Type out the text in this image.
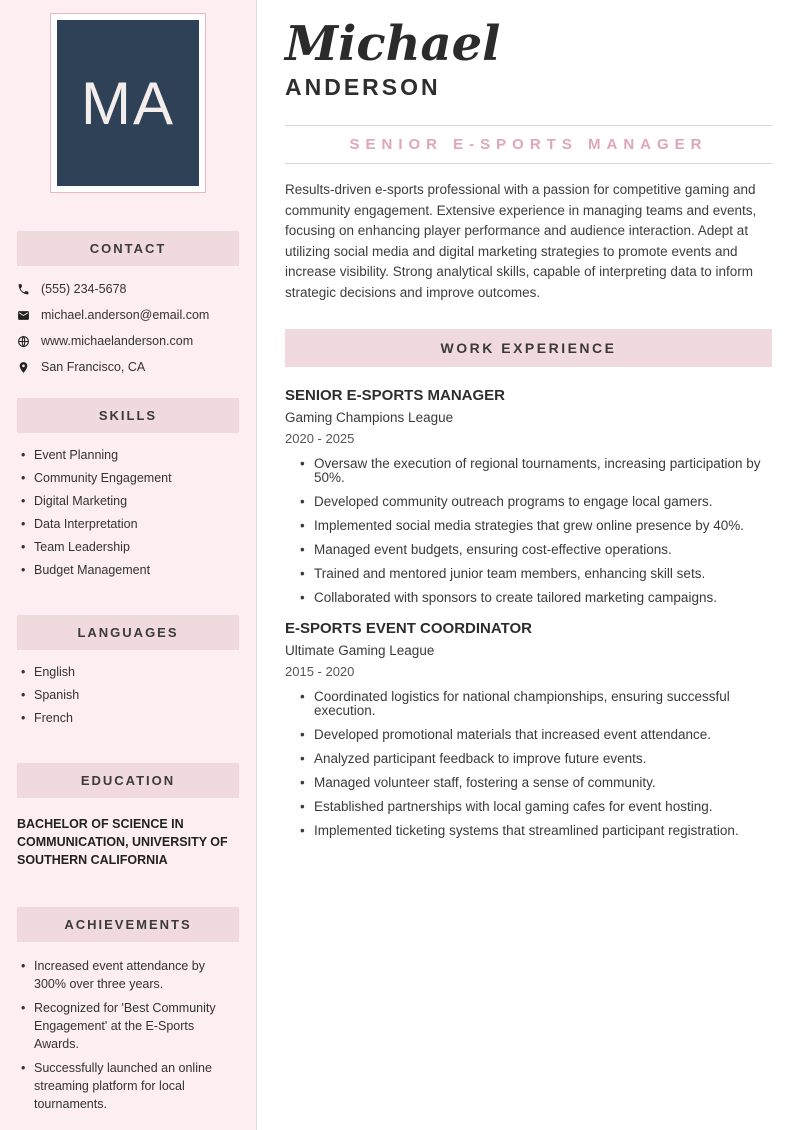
MA
CONTACT
(555) 234-5678
michael.anderson@email.com
www.michaelanderson.com
San Francisco, CA
SKILLS
• Event Planning
• Community Engagement
• Digital Marketing
• Data Interpretation
• Team Leadership
• Budget Management
LANGUAGES
• English
• Spanish
• French
EDUCATION
BACHELOR OF SCIENCE IN COMMUNICATION, UNIVERSITY OF SOUTHERN CALIFORNIA
ACHIEVEMENTS
• Increased event attendance by 300% over three years.
• Recognized for 'Best Community Engagement' at the E-Sports Awards.
• Successfully launched an online streaming platform for local tournaments.
Michael
ANDERSON
SENIOR E-SPORTS MANAGER

Results-driven e-sports professional with a passion for competitive gaming and community engagement. Extensive experience in managing teams and events, focusing on enhancing player performance and audience interaction. Adept at utilizing social media and digital marketing strategies to promote events and increase visibility. Strong analytical skills, capable of interpreting data to inform strategic decisions and improve outcomes.

WORK EXPERIENCE
SENIOR E-SPORTS MANAGER
Gaming Champions League
2020 - 2025
• Oversaw the execution of regional tournaments, increasing participation by 50%.
• Developed community outreach programs to engage local gamers.
• Implemented social media strategies that grew online presence by 40%.
• Managed event budgets, ensuring cost-effective operations.
• Trained and mentored junior team members, enhancing skill sets.
• Collaborated with sponsors to create tailored marketing campaigns.
E-SPORTS EVENT COORDINATOR
Ultimate Gaming League
2015 - 2020
• Coordinated logistics for national championships, ensuring successful execution.
• Developed promotional materials that increased event attendance.
• Analyzed participant feedback to improve future events.
• Managed volunteer staff, fostering a sense of community.
• Established partnerships with local gaming cafes for event hosting.
• Implemented ticketing systems that streamlined participant registration.
